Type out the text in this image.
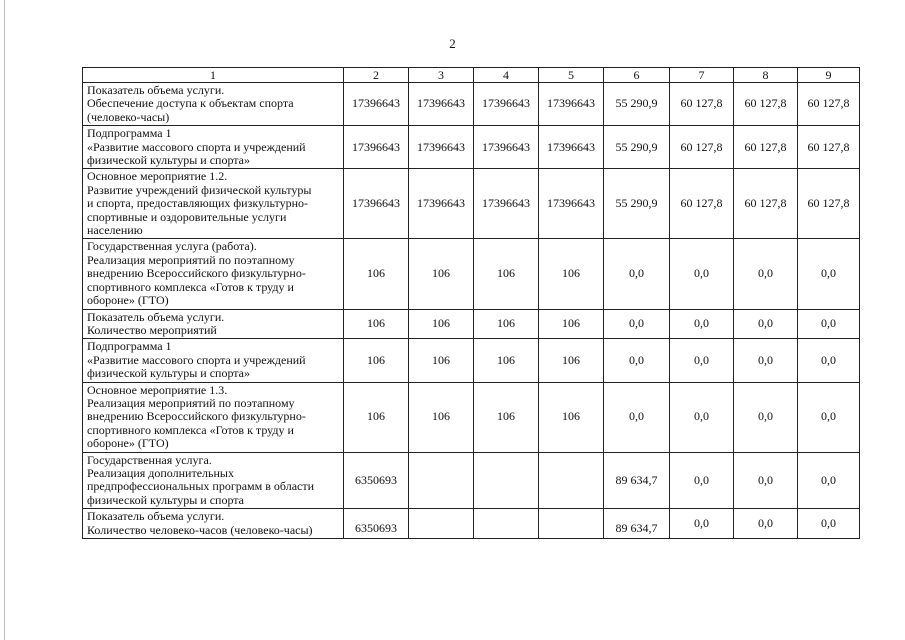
2
1	2	3	4	5	6	7	8	9

Показатель объема услуги.
Обеспечение доступа к объектам спорта
(человеко-часы)	17396643	17396643	17396643	17396643	55 290,9	60 127,8	60 127,8	60 127,8

Подпрограмма 1
«Развитие массового спорта и учреждений
физической культуры и спорта»	17396643	17396643	17396643	17396643	55 290,9	60 127,8	60 127,8	60 127,8

Основное мероприятие 1.2.
Развитие учреждений физической культуры
и спорта, предоставляющих физкультурно-
спортивные и оздоровительные услуги
населению	17396643	17396643	17396643	17396643	55 290,9	60 127,8	60 127,8	60 127,8

Государственная услуга (работа).
Реализация мероприятий по поэтапному
внедрению Всероссийского физкультурно-
спортивного комплекса «Готов к труду и
обороне» (ГТО)	106	106	106	106	0,0	0,0	0,0	0,0

Показатель объема услуги.
Количество мероприятий	106	106	106	106	0,0	0,0	0,0	0,0

Подпрограмма 1
«Развитие массового спорта и учреждений
физической культуры и спорта»	106	106	106	106	0,0	0,0	0,0	0,0

Основное мероприятие 1.3.
Реализация мероприятий по поэтапному
внедрению Всероссийского физкультурно-
спортивного комплекса «Готов к труду и
обороне» (ГТО)	106	106	106	106	0,0	0,0	0,0	0,0

Государственная услуга.
Реализация дополнительных
предпрофессиональных программ в области
физической культуры и спорта	6350693				89 634,7	0,0	0,0	0,0

Показатель объема услуги.
Количество человеко-часов (человеко-часы)	6350693				89 634,7	0,0	0,0	0,0
